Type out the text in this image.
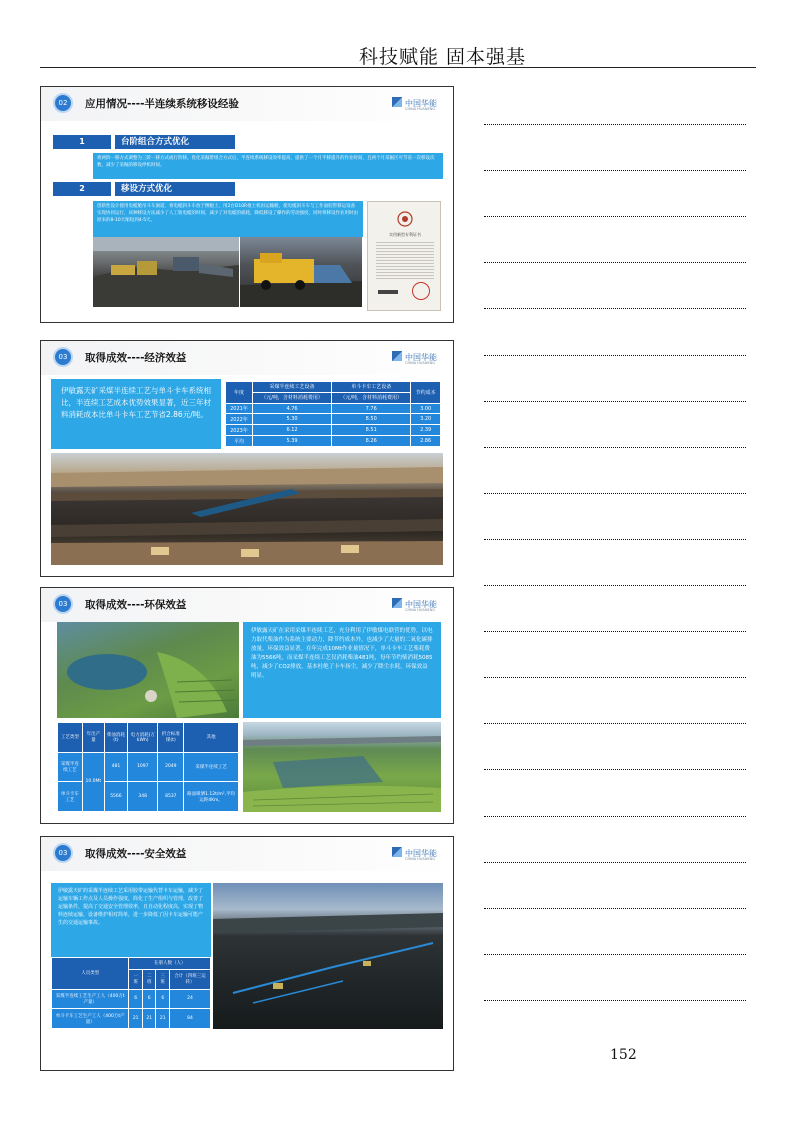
科技赋能 固本强基
02	应用情况----半连续系统移设经验	中国华能
CHINA HUANENG
1	台阶组合方式优化
将两阶一移方式调整为三阶一移方式或行阶移。优化采掘带组合方式后，半连续系统移设效率提高，提供了一个月半移提升的作业时间，且两个月采掘区可节省一次移设次数，减少了采掘的移设停机时间。
2	移设方式优化
创新性设计使用电缆舱吊斗车旗道，将电缆斜斗车放于侧板上，用2台D10R推土机再运输舱，使电缆斜斗车与工作面胶带移运设备实现协同运行，该种移设方法减少了人工收电缆的时间，减少了对电缆的损耗，降低移设了操作的劳动强度，同时将移设作业用时由原来的8-10天缩短到4-5天。
实用新型专利证书
03	取得成效----经济效益	中国华能
CHINA HUANENG
伊敏露天矿采煤半连续工艺与单斗卡车系统相比，半连续工艺成本优势效果显著，近三年材料消耗成本比单斗卡车工艺节省2.86元/吨。
年度	采煤半连续工艺设备	单斗卡车工艺设备	节约成本
	（元/吨，含材料消耗费用）	（元/吨，含材料消耗费用）	
2021年	4.76	7.76	3.00
2022年	5.30	8.50	3.20
2023年	6.12	8.51	2.39
平均	5.39	8.26	2.86
03	取得成效----环保效益	中国华能
CHINA HUANENG
伊敏露天矿在采用采煤半连续工艺，充分利用了伊敏煤电联营的优势，以电力取代柴油作为系统主要动力，降节约成本外，也减少了大量的二氧化碳排放量，环保效益显著。在年完成10Mt作业量情况下，单斗卡车工艺柴耗费油为5566吨，而采煤半连续工艺仅消耗柴油481吨，每年节约柴消耗5085吨，减少了CO2排放，基本杜绝了卡车扬尘，减少了降尘水耗，环保效益明显。
工艺类型	年出产量	柴油消耗(t)	电力消耗(万kWh)	折合标准煤(t)	其他
采煤半连续工艺	10.0Mt	481	1097	2049	采煤半连续工艺
单斗卡车工艺		5566	348	8537	路面喷洒1.12t/m²,平均运距4Km。
03	取得成效----安全效益	中国华能
CHINA HUANENG
伊敏露天矿的采煤半连续工艺采用胶带运输代替卡车运输，减少了运输车辆工作点及人员操作强度，简化了生产组织与管理，改善了运输条件，提高了交通安全管理效率，且自动化程度高，实现了物料连续运输，设备维护相对简单，进一步降低了因卡车运输可能产生的交通运输事故。
人员类型	在册人数（人）			
	一班	二班	三班	合计（四班三运转）
采煤半连续工艺生产工人（400万t产量）	6	6	6	24
单斗卡车工艺生产工人（400万t产量）	21	21	21	84
152
